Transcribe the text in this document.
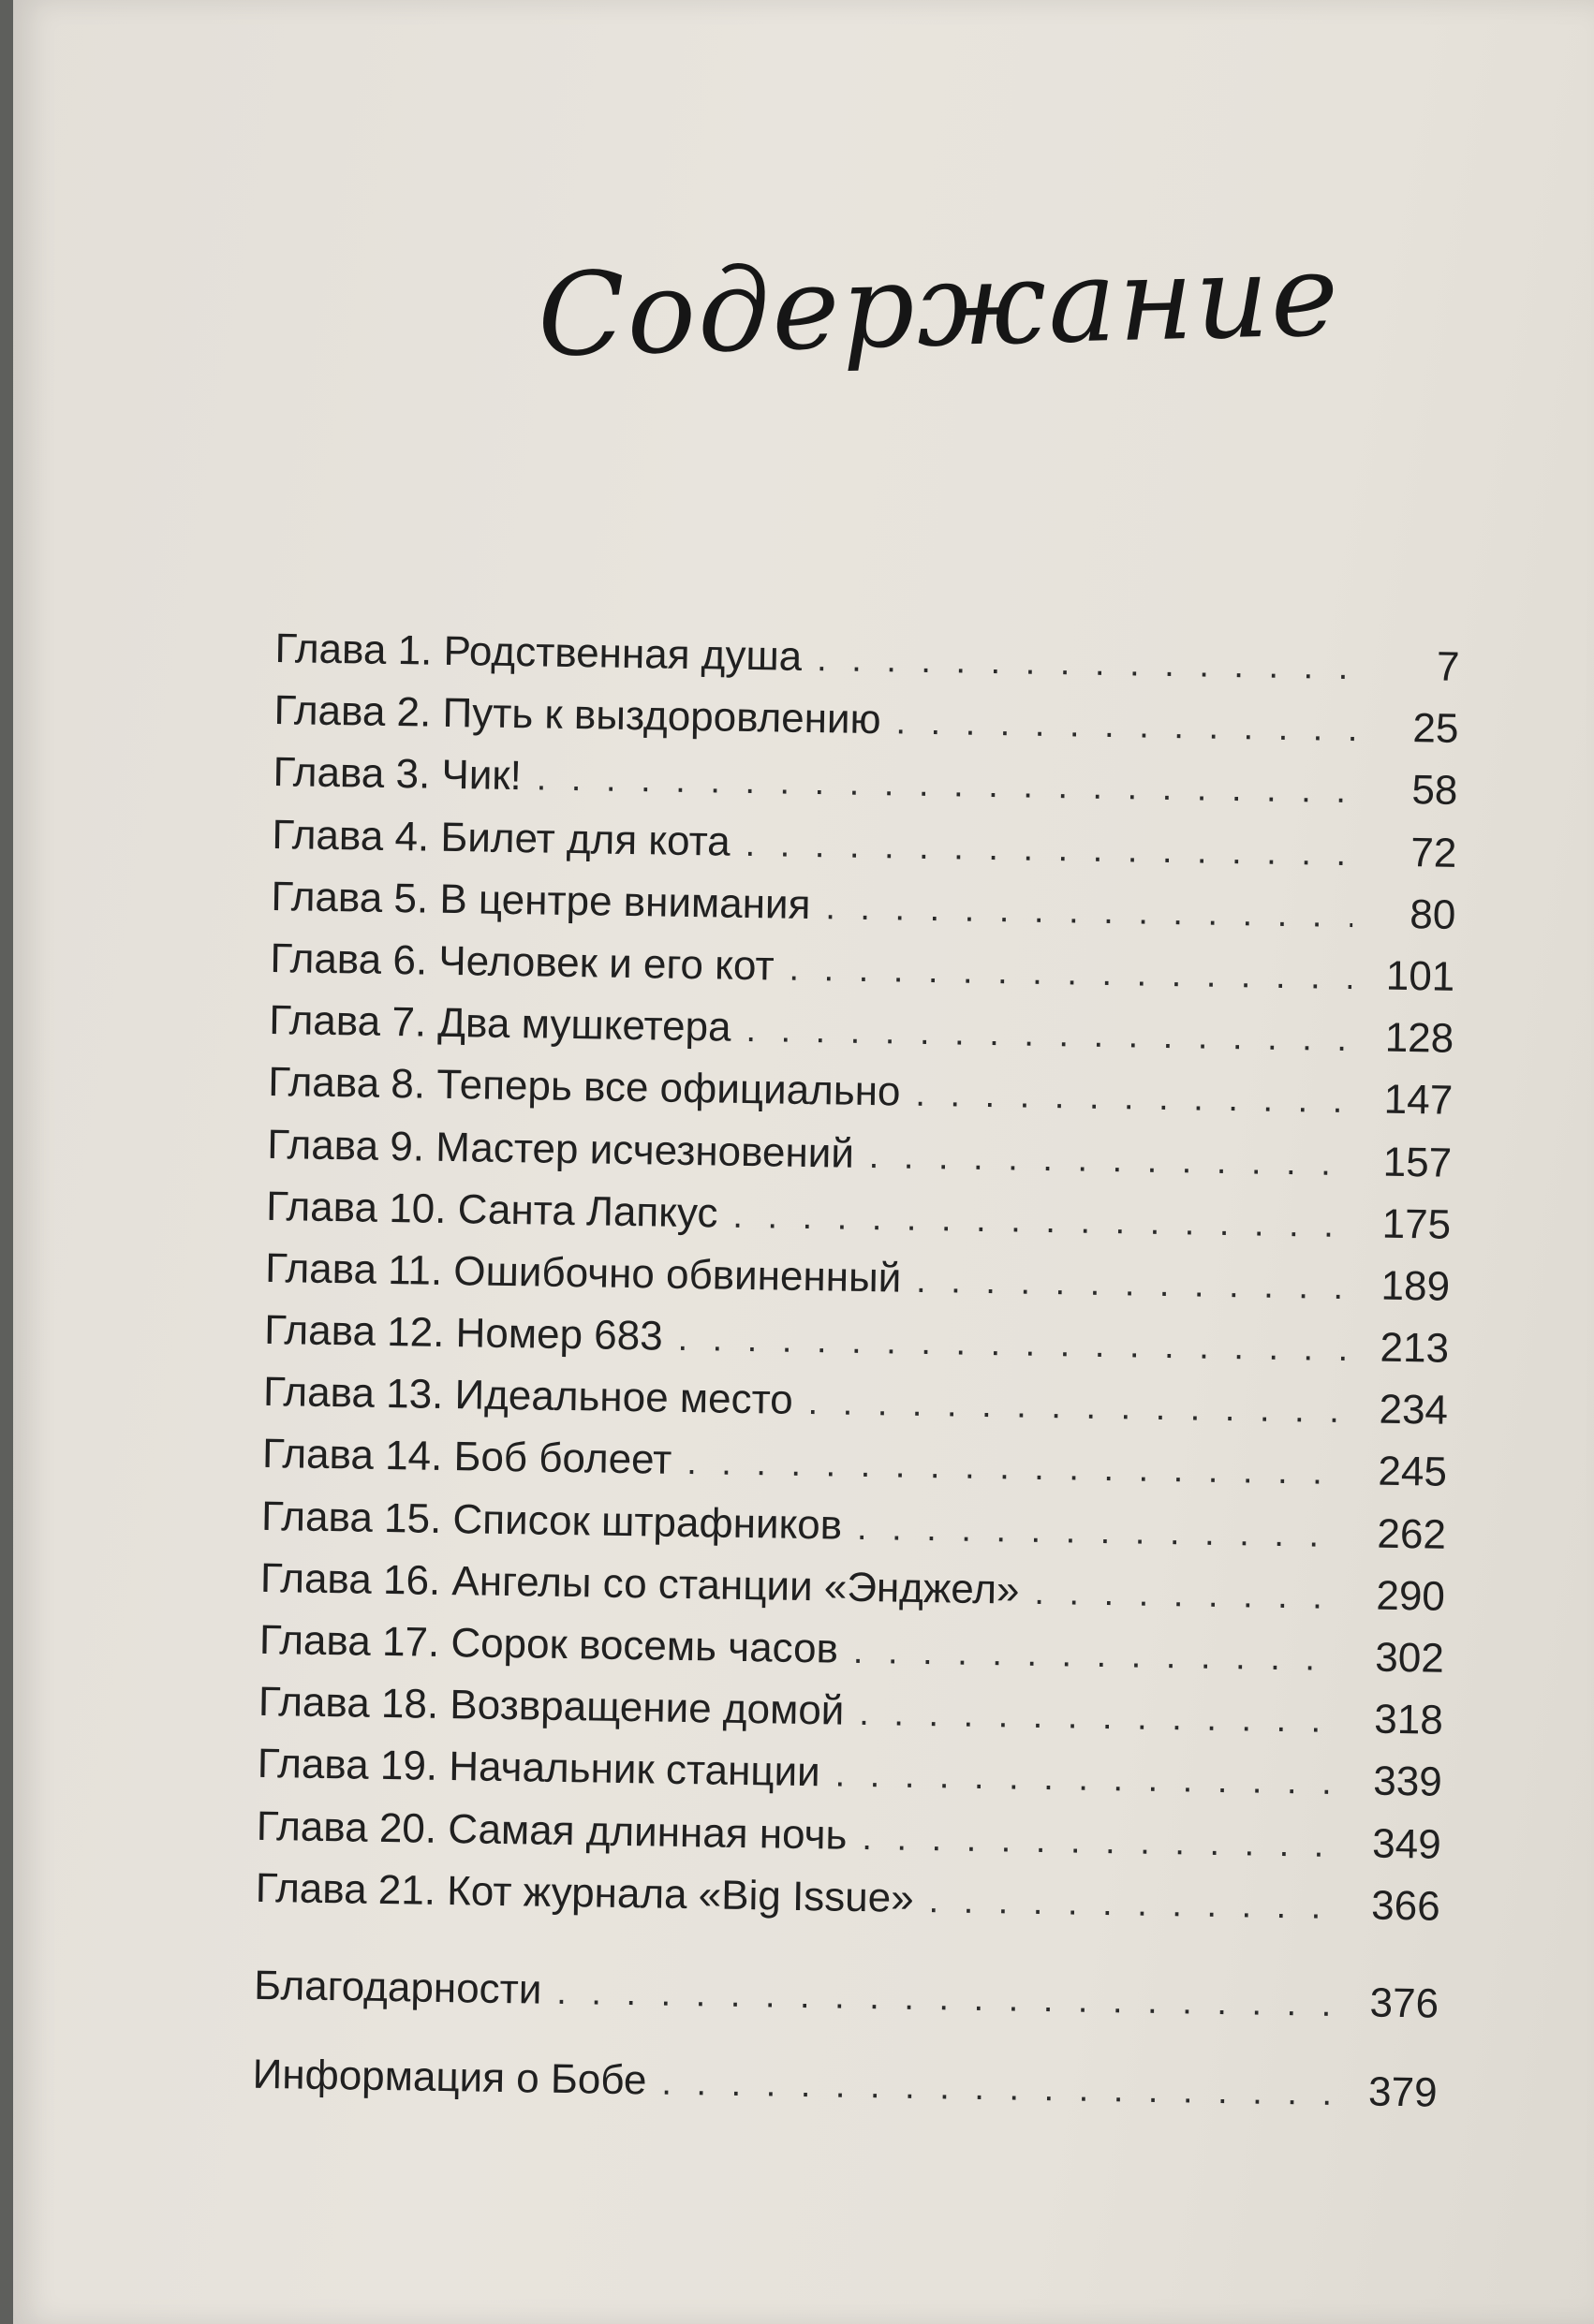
Содержание
Глава 1. Родственная душа . . .	7
Глава 2. Путь к выздоровлению . . .	25
Глава 3. Чик! . . .	58
Глава 4. Билет для кота . . .	72
Глава 5. В центре внимания . . .	80
Глава 6. Человек и его кот . . .	101
Глава 7. Два мушкетера . . .	128
Глава 8. Теперь все официально . . .	147
Глава 9. Мастер исчезновений . . .	157
Глава 10. Санта Лапкус . . .	175
Глава 11. Ошибочно обвиненный . . .	189
Глава 12. Номер 683 . . .	213
Глава 13. Идеальное место . . .	234
Глава 14. Боб болеет . . .	245
Глава 15. Список штрафников . . .	262
Глава 16. Ангелы со станции «Энджел» . . .	290
Глава 17. Сорок восемь часов . . .	302
Глава 18. Возвращение домой . . .	318
Глава 19. Начальник станции . . .	339
Глава 20. Самая длинная ночь . . .	349
Глава 21. Кот журнала «Big Issue» . . .	366
Благодарности . . .	376
Информация о Бобе . . .	379
